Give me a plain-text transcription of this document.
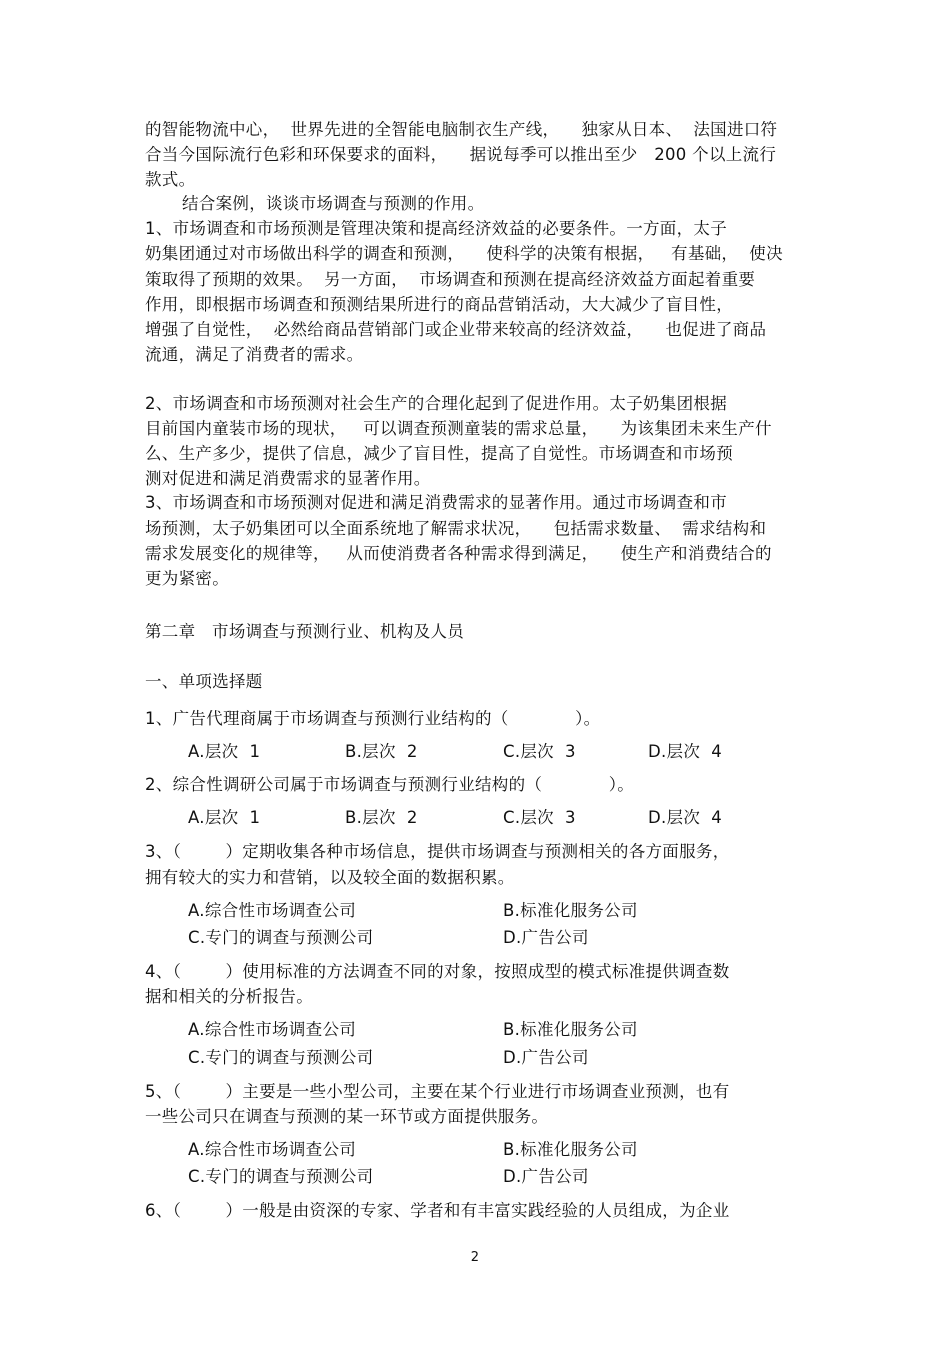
的智能物流中心，  世界先进的全智能电脑制衣生产线，    独家从日本、  法国进口符
合当今国际流行色彩和环保要求的面料，    据说每季可以推出至少   200 个以上流行
款式。
结合案例，谈谈市场调查与预测的作用。
1、市场调查和市场预测是管理决策和提高经济效益的必要条件。一方面，太子
奶集团通过对市场做出科学的调查和预测，    使科学的决策有根据，   有基础，  使决
策取得了预期的效果。  另一方面，  市场调查和预测在提高经济效益方面起着重要
作用，即根据市场调查和预测结果所进行的商品营销活动，大大减少了盲目性，
增强了自觉性，  必然给商品营销部门或企业带来较高的经济效益，    也促进了商品
流通，满足了消费者的需求。
2、市场调查和市场预测对社会生产的合理化起到了促进作用。太子奶集团根据
目前国内童装市场的现状，   可以调查预测童装的需求总量，    为该集团未来生产什
么、生产多少，提供了信息，减少了盲目性，提高了自觉性。市场调查和市场预
测对促进和满足消费需求的显著作用。
3、市场调查和市场预测对促进和满足消费需求的显著作用。通过市场调查和市
场预测，太子奶集团可以全面系统地了解需求状况，    包括需求数量、  需求结构和
需求发展变化的规律等，   从而使消费者各种需求得到满足，    使生产和消费结合的
更为紧密。
第二章   市场调查与预测行业、机构及人员
一、单项选择题
1、广告代理商属于市场调查与预测行业结构的（            ）。
A.层次  1	B.层次  2	C.层次  3	D.层次  4
2、综合性调研公司属于市场调查与预测行业结构的（            ）。
A.层次  1	B.层次  2	C.层次  3	D.层次  4
3、（        ）定期收集各种市场信息，提供市场调查与预测相关的各方面服务，
拥有较大的实力和营销，以及较全面的数据积累。
A.综合性市场调查公司	B.标准化服务公司
C.专门的调查与预测公司	D.广告公司
4、（        ）使用标准的方法调查不同的对象，按照成型的模式标准提供调查数
据和相关的分析报告。
A.综合性市场调查公司	B.标准化服务公司
C.专门的调查与预测公司	D.广告公司
5、（        ）主要是一些小型公司，主要在某个行业进行市场调查业预测，也有
一些公司只在调查与预测的某一环节或方面提供服务。
A.综合性市场调查公司	B.标准化服务公司
C.专门的调查与预测公司	D.广告公司
6、（        ）一般是由资深的专家、学者和有丰富实践经验的人员组成，为企业
2
